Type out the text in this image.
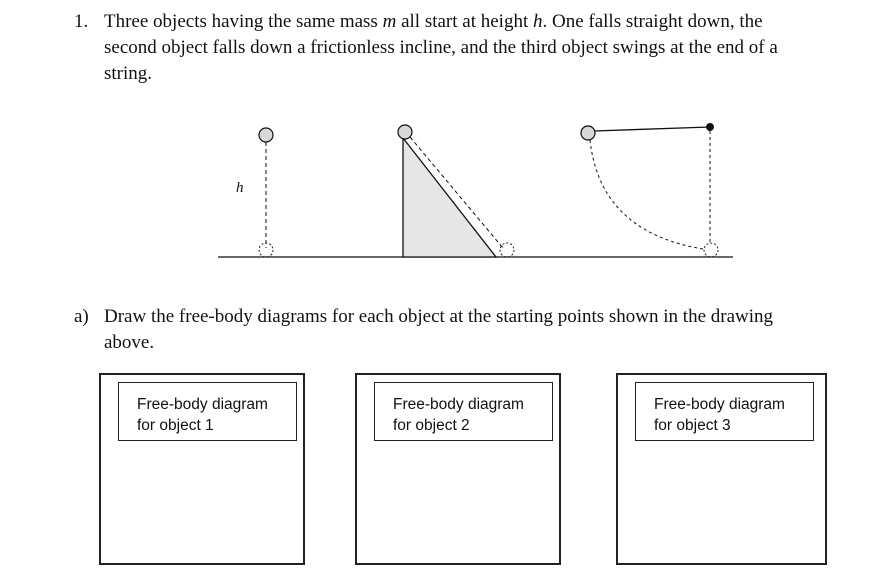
1. Three objects having the same mass m all start at height h. One falls straight down, the
second object falls down a frictionless incline, and the third object swings at the end of a
string.
h
a) Draw the free-body diagrams for each object at the starting points shown in the drawing
above.
Free-body diagram
for object 1
Free-body diagram
for object 2
Free-body diagram
for object 3
